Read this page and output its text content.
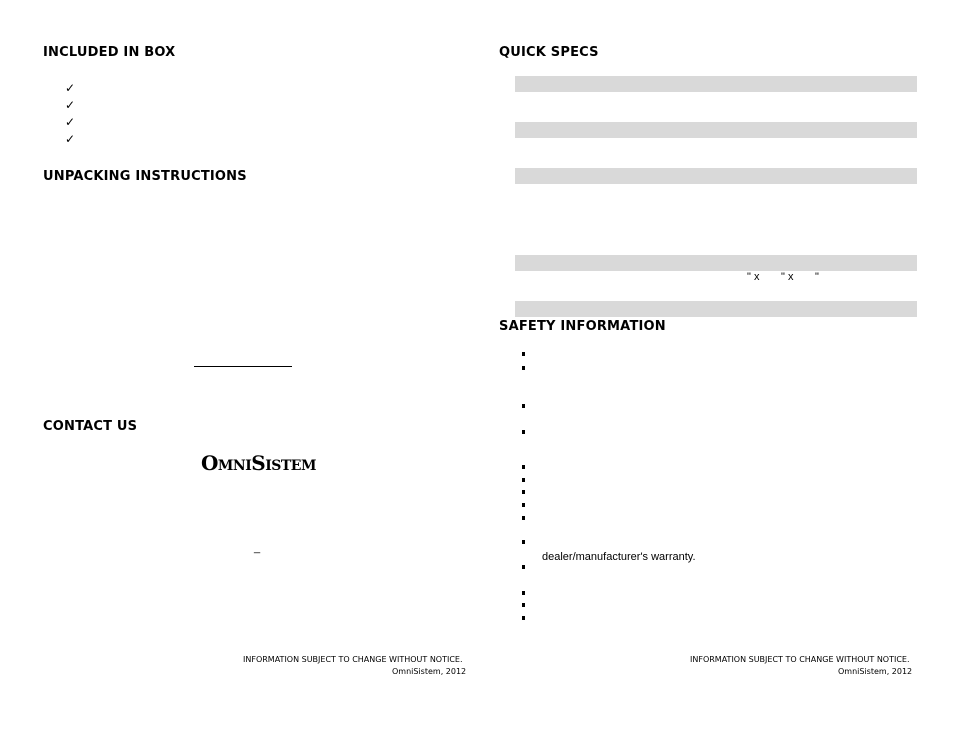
INCLUDED IN BOX
✓
✓
✓
✓
UNPACKING INSTRUCTIONS
CONTACT US
OMNISISTEM
_
INFORMATION SUBJECT TO CHANGE WITHOUT NOTICE.
OmniSistem, 2012
QUICK SPECS
" x " x "
SAFETY INFORMATION
dealer/manufacturer's warranty.
INFORMATION SUBJECT TO CHANGE WITHOUT NOTICE.
OmniSistem, 2012
